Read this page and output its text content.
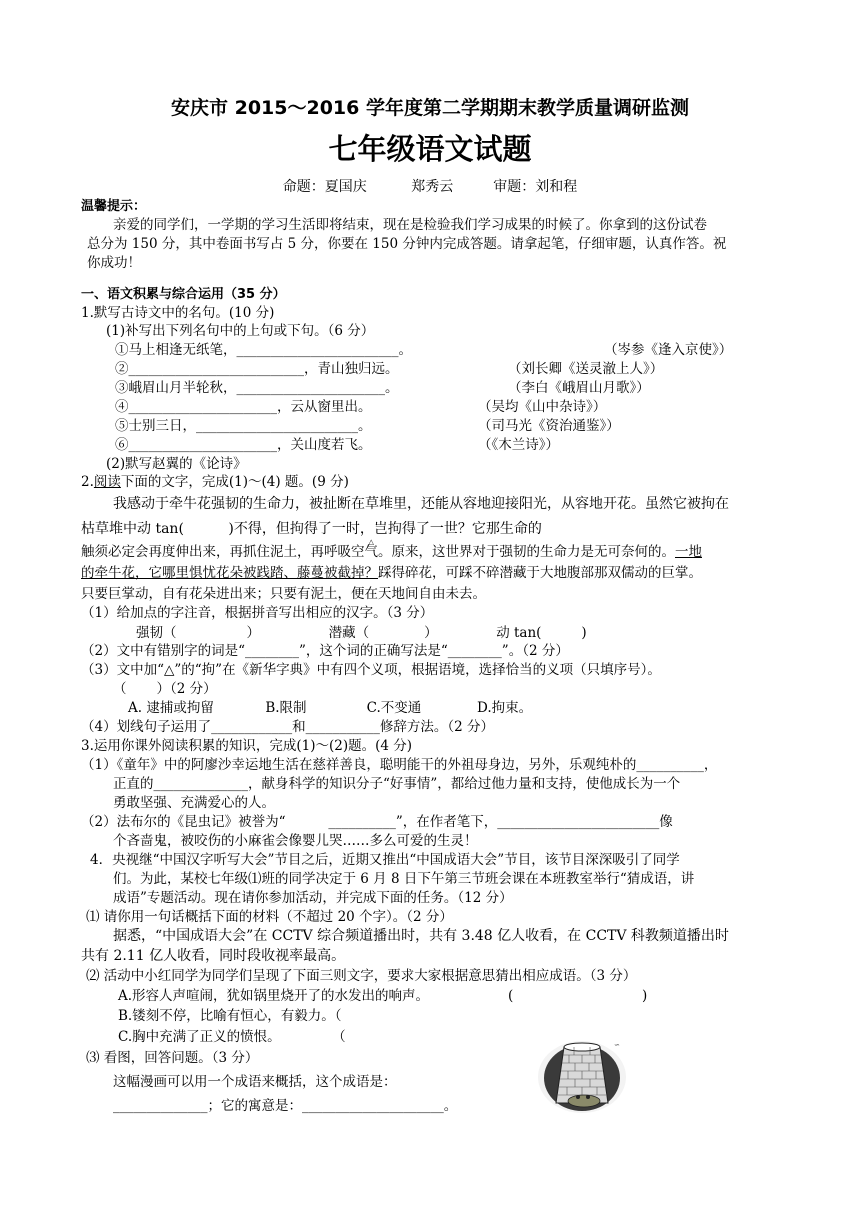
安庆市 2015～2016 学年度第二学期期末教学质量调研监测
七年级语文试题
命题：夏国庆          郑秀云         审题：刘和程
温馨提示：
亲爱的同学们，一学期的学习生活即将结束，现在是检验我们学习成果的时候了。你拿到的这份试卷
总分为 150 分，其中卷面书写占 5 分，你要在 150 分钟内完成答题。请拿起笔，仔细审题，认真作答。祝
你成功！
一、语文积累与综合运用（35 分）
1.默写古诗文中的名句。(10 分)
(1)补写出下列名句中的上句或下句。（6 分）
①马上相逢无纸笔，________________________。	（岑参《逢入京使》）
②__________________________，青山独归远。	（刘长卿《送灵澈上人》）
③峨眉山月半轮秋，______________________。	（李白《峨眉山月歌》）
④______________________，云从窗里出。	（吴均《山中杂诗》）
⑤士别三日，________________________。	（司马光《资治通鉴》）
⑥______________________，关山度若飞。	（《木兰诗》）
(2)默写赵翼的《论诗》
2.阅读下面的文字，完成(1)～(4) 题。(9 分)
我感动于牵牛花强韧的生命力，被扯断在草堆里，还能从容地迎接阳光，从容地开花。虽然它被拘在
枯草堆中动 tan(          )不得，但拘得了一时，岂拘得了一世？它那生命的
触须必定会再度伸出来，再抓住泥土，再呼吸空气 △。原来，这世界对于强韧的生命力是无可奈何的。一地
的牵牛花，它哪里惧忧花朵被践踏、藤蔓被截掉？踩得碎花，可踩不碎潜藏于大地腹部那双儒动的巨掌。
只要巨掌动，自有花朵进出来；只要有泥土，便在天地间自由未去。
（1）给加点的字注音，根据拼音写出相应的汉字。（3 分）
强韧（	）	潜藏（	）	动 tan(	)
（2）文中有错别字的词是“________”，这个词的正确写法是“________”。（2 分）
（3）文中加“△”的“拘”在《新华字典》中有四个义项，根据语境，选择恰当的义项（只填序号）。
（       ）（2 分）
A. 逮捕或拘留            B.限制              C.不变通             D.拘束。
（4）划线句子运用了____________和___________修辞方法。（2 分）
3.运用你课外阅读积累的知识，完成(1)～(2)题。(4 分)
（1）《童年》中的阿廖沙幸运地生活在慈祥善良，聪明能干的外祖母身边，另外，乐观纯朴的__________，
正直的______________，献身科学的知识分子“好事情”，都给过他力量和支持，使他成长为一个
勇敢坚强、充满爱心的人。
（2）法布尔的《昆虫记》被誉为“          __________”，在作者笔下，________________________像
个吝啬鬼，被咬伤的小麻雀会像婴儿哭……多么可爱的生灵！
4．央视继“中国汉字听写大会”节目之后，近期又推出“中国成语大会”节目，该节目深深吸引了同学
们。为此，某校七年级⑴班的同学决定于 6 月 8 日下午第三节班会课在本班教室举行“猜成语，讲
成语”专题活动。现在请你参加活动，并完成下面的任务。（12 分）
⑴ 请你用一句话概括下面的材料（不超过 20 个字）。（2 分）
据悉，“中国成语大会”在 CCTV 综合频道播出时，共有 3.48 亿人收看，在 CCTV 科教频道播出时
共有 2.11 亿人收看，同时段收视率最高。
⑵ 活动中小红同学为同学们呈现了下面三则文字，要求大家根据意思猜出相应成语。（3 分）
A.形容人声喧闹，犹如锅里烧开了的水发出的响声。	(                              )
B.镂刻不停，比喻有恒心，有毅力。（
C.胸中充满了正义的愤恨。            （
⑶ 看图，回答问题。（3 分）
这幅漫画可以用一个成语来概括，这个成语是：
______________；它的寓意是：_____________________。
∽
